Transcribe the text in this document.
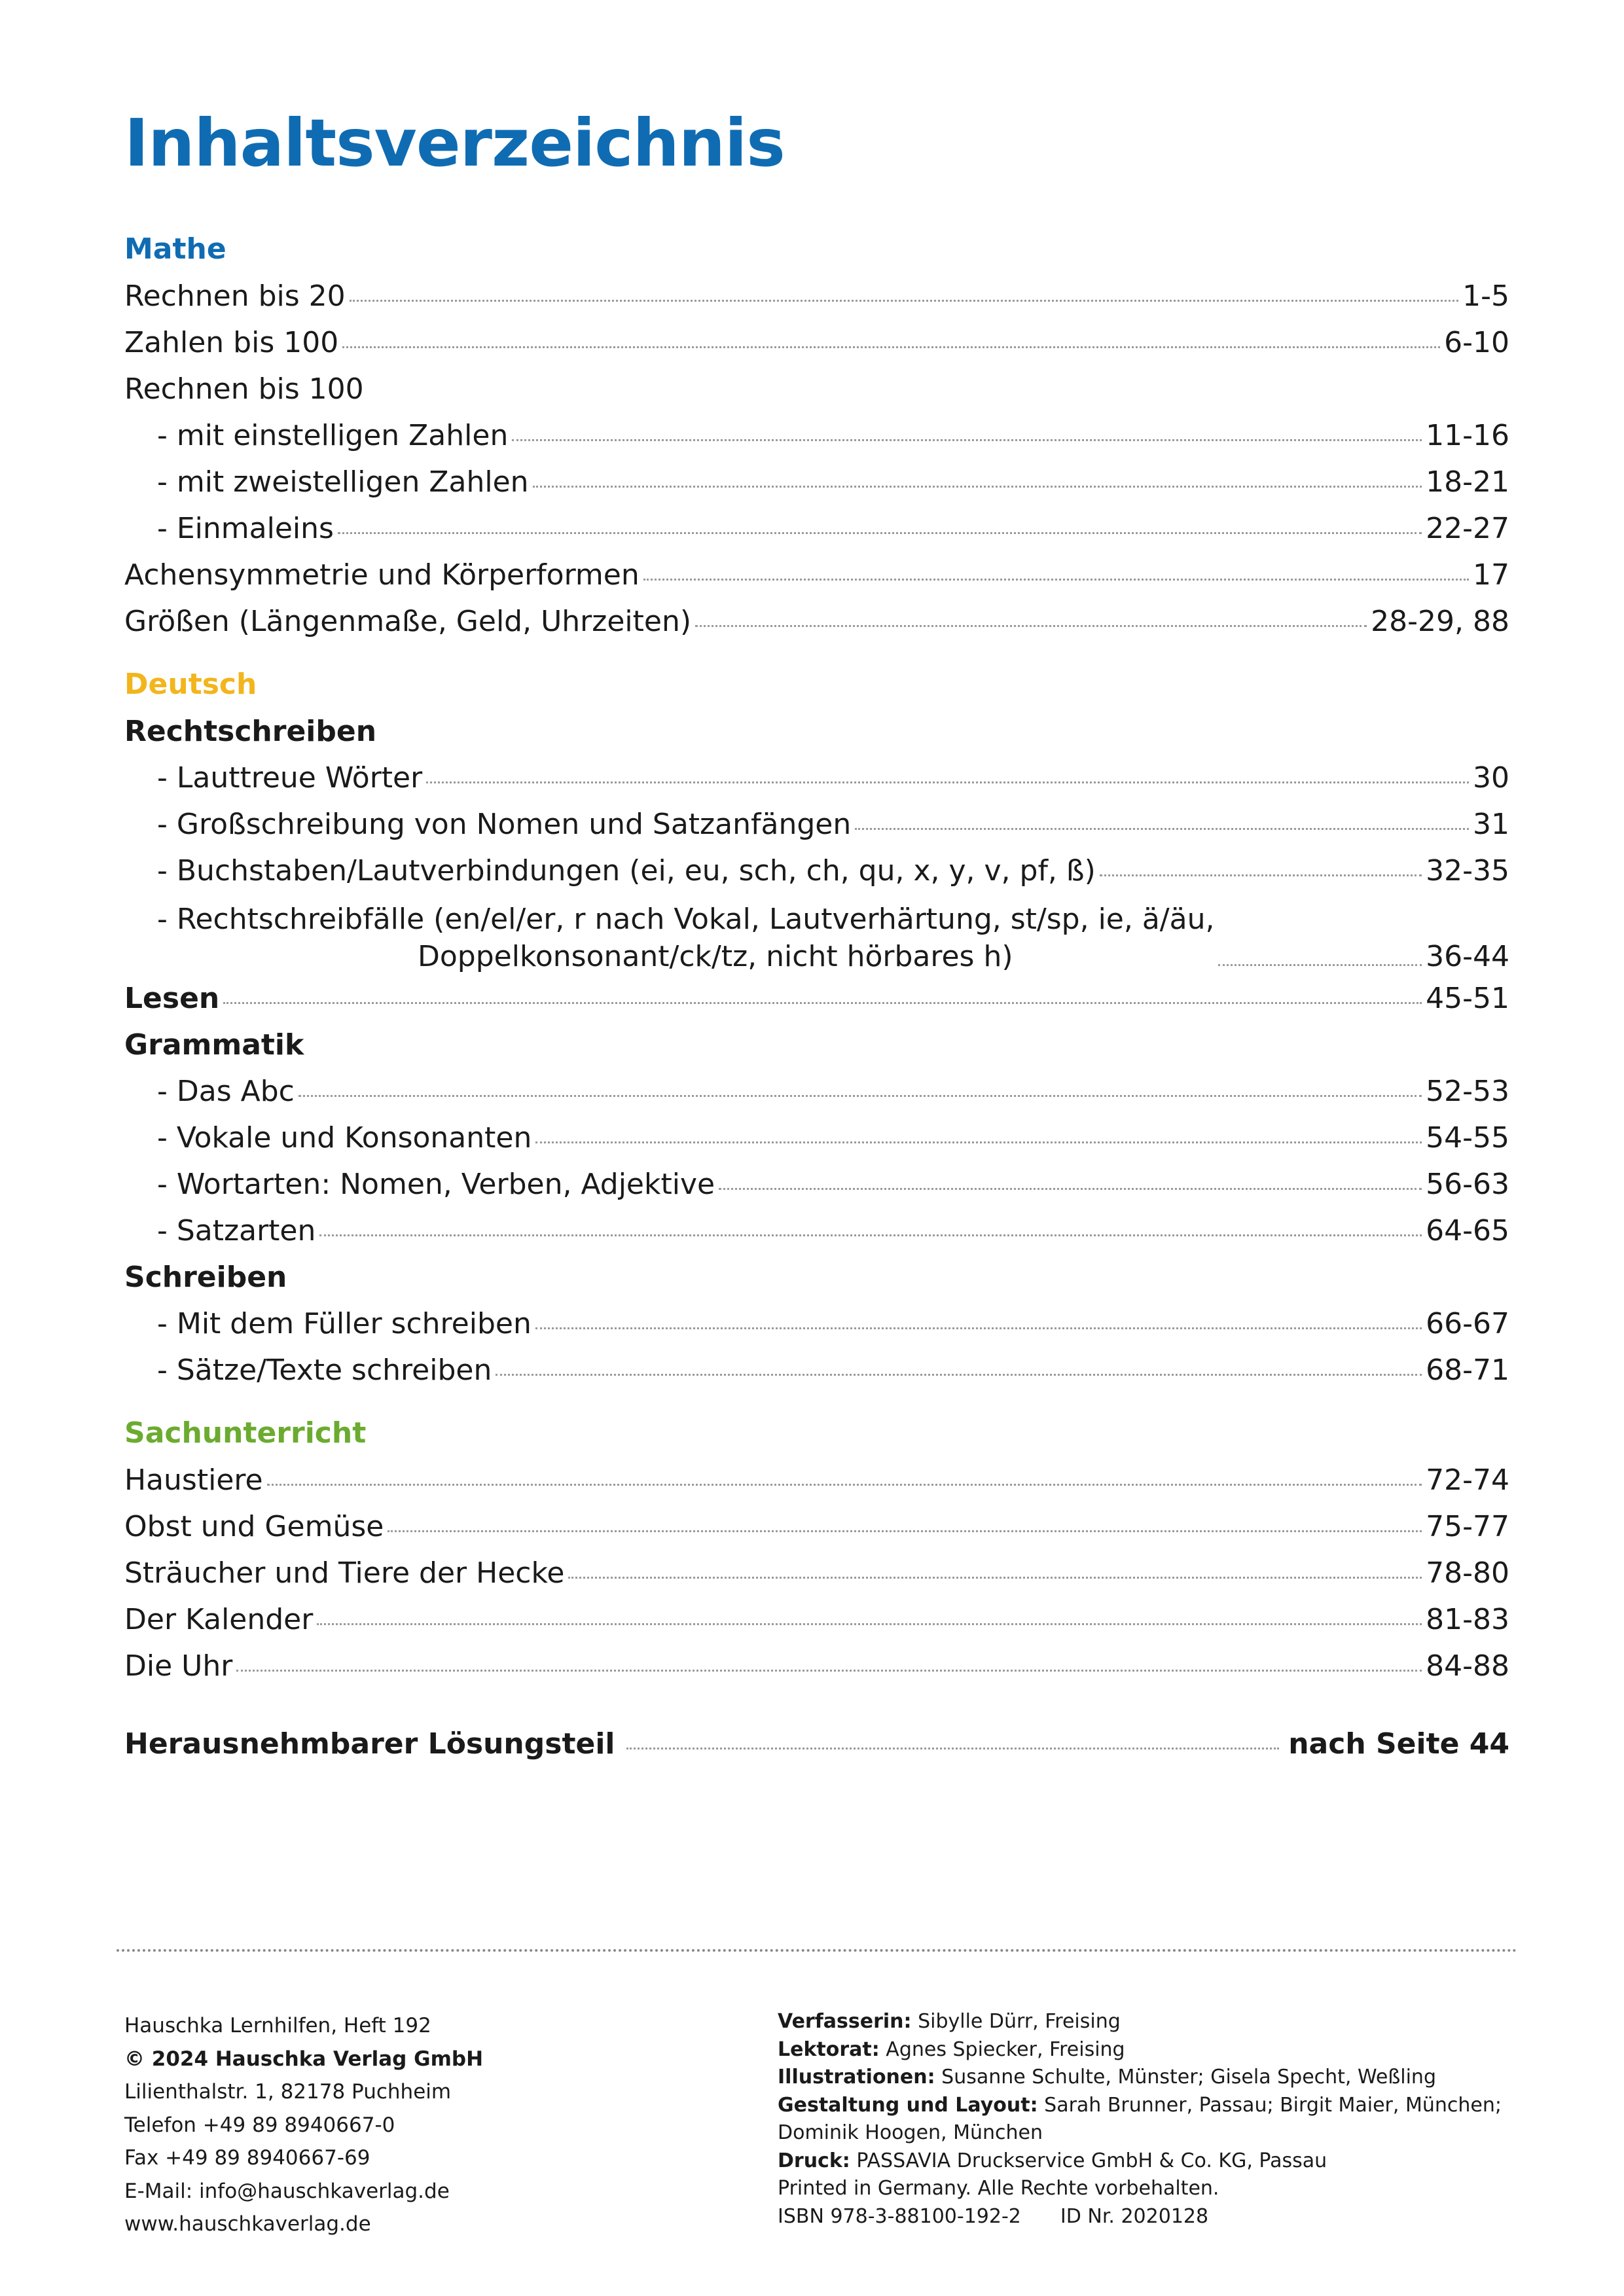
Inhaltsverzeichnis
Mathe
Rechnen bis 20	1-5
Zahlen bis 100	6-10
Rechnen bis 100
- mit einstelligen Zahlen	11-16
- mit zweistelligen Zahlen	18-21
- Einmaleins	22-27
Achensymmetrie und Körperformen	17
Größen (Längenmaße, Geld, Uhrzeiten)	28-29, 88
Deutsch
Rechtschreiben
- Lauttreue Wörter	30
- Großschreibung von Nomen und Satzanfängen	31
- Buchstaben/Lautverbindungen (ei, eu, sch, ch, qu, x, y, v, pf, ß)	32-35
- Rechtschreibfälle (en/el/er, r nach Vokal, Lautverhärtung, st/sp, ie, ä/äu,
Doppelkonsonant/ck/tz, nicht hörbares h)	36-44
Lesen	45-51
Grammatik
- Das Abc	52-53
- Vokale und Konsonanten	54-55
- Wortarten: Nomen, Verben, Adjektive	56-63
- Satzarten	64-65
Schreiben
- Mit dem Füller schreiben	66-67
- Sätze/Texte schreiben	68-71
Sachunterricht
Haustiere	72-74
Obst und Gemüse	75-77
Sträucher und Tiere der Hecke	78-80
Der Kalender	81-83
Die Uhr	84-88
Herausnehmbarer Lösungsteil	nach Seite 44
Hauschka Lernhilfen, Heft 192
© 2024 Hauschka Verlag GmbH
Lilienthalstr. 1, 82178 Puchheim
Telefon +49 89 8940667-0
Fax +49 89 8940667-69
E-Mail: info@hauschkaverlag.de
www.hauschkaverlag.de
Verfasserin: Sibylle Dürr, Freising
Lektorat: Agnes Spiecker, Freising
Illustrationen: Susanne Schulte, Münster; Gisela Specht, Weßling
Gestaltung und Layout: Sarah Brunner, Passau; Birgit Maier, München;
Dominik Hoogen, München
Druck: PASSAVIA Druckservice GmbH & Co. KG, Passau
Printed in Germany. Alle Rechte vorbehalten.
ISBN 978-3-88100-192-2 ID Nr. 2020128
